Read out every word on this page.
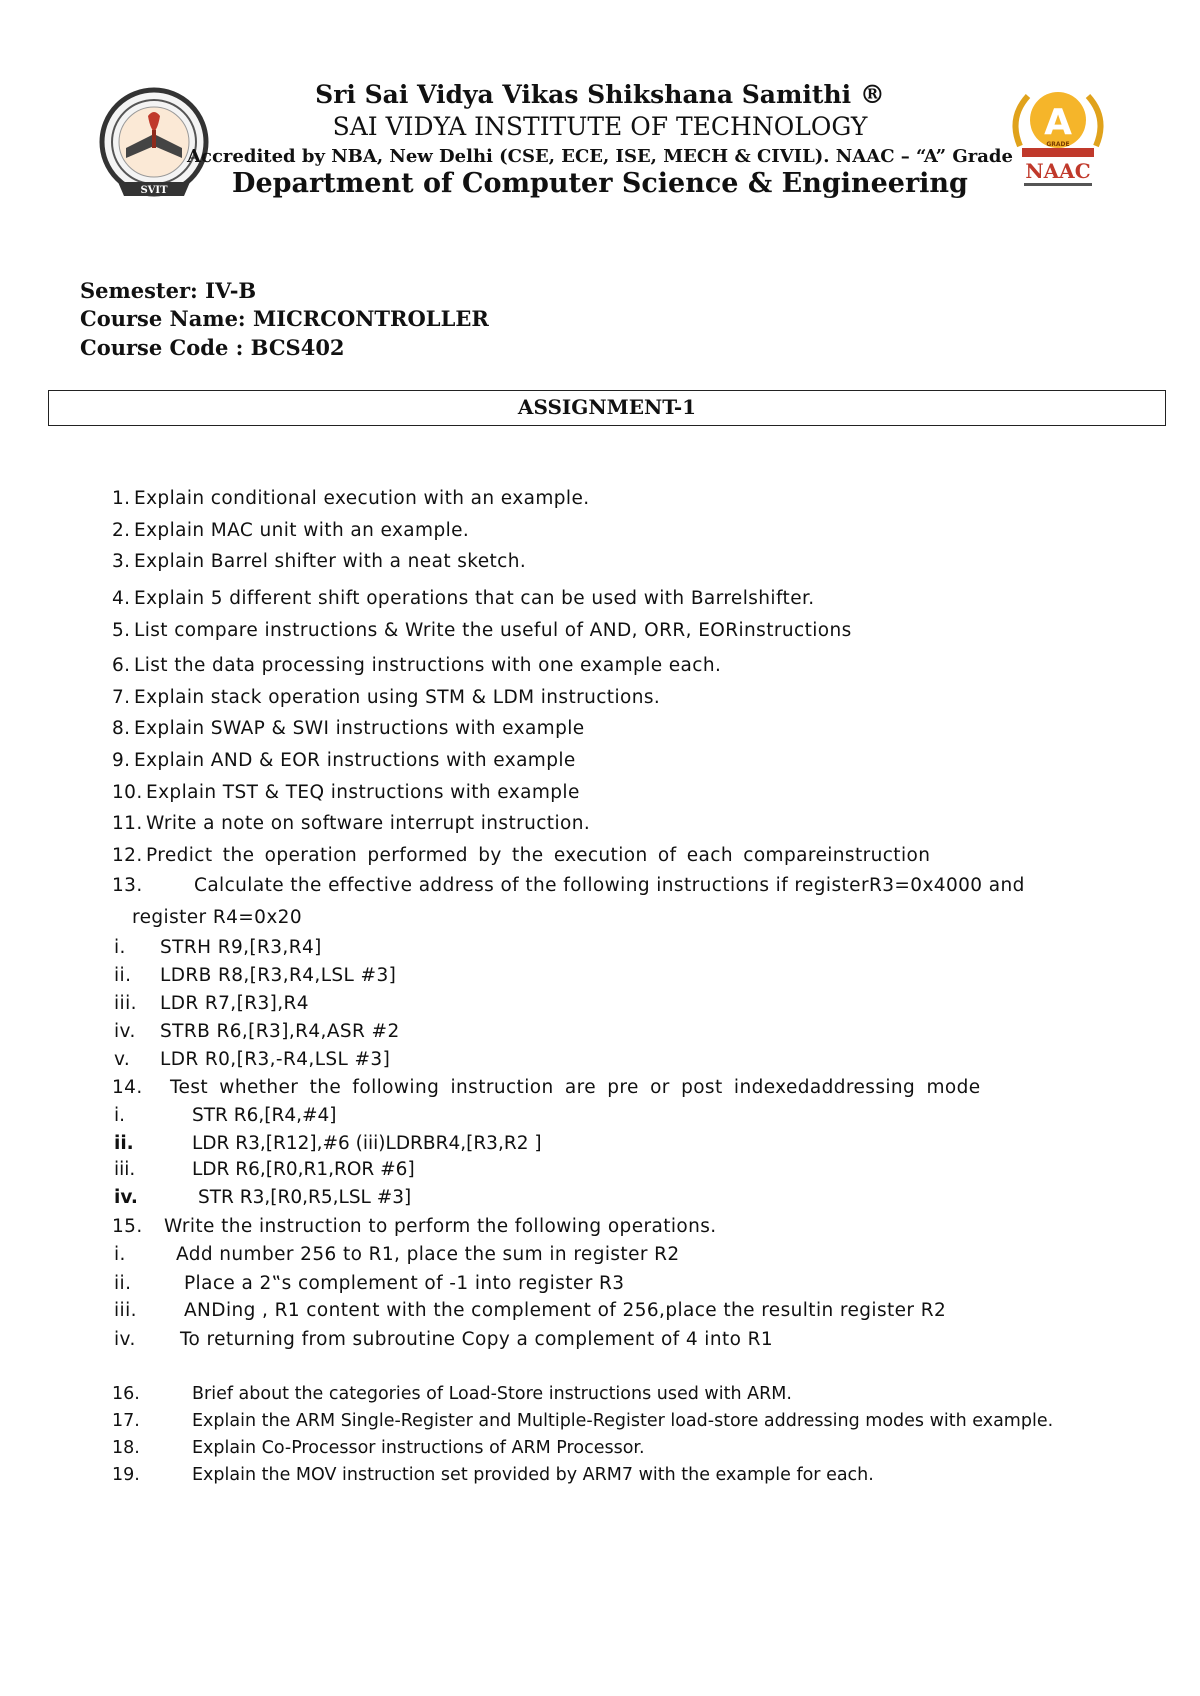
SVIT
A
GRADE
NAAC
Sri Sai Vidya Vikas Shikshana Samithi ®
SAI VIDYA INSTITUTE OF TECHNOLOGY
Accredited by NBA, New Delhi (CSE, ECE, ISE, MECH & CIVIL). NAAC – “A” Grade
Department of Computer Science & Engineering
Semester: IV-B
Course Name: MICRCONTROLLER
Course Code : BCS402
ASSIGNMENT-1
1. Explain conditional execution with an example.
2. Explain MAC unit with an example.
3. Explain Barrel shifter with a neat sketch.
4. Explain 5 different shift operations that can be used with Barrelshifter.
5. List compare instructions & Write the useful of AND, ORR, EORinstructions
6. List the data processing instructions with one example each.
7. Explain stack operation using STM & LDM instructions.
8. Explain SWAP & SWI instructions with example
9. Explain AND & EOR instructions with example
10. Explain TST & TEQ instructions with example
11. Write a note on software interrupt instruction.
12. Predict the operation performed by the execution of each compareinstruction
13.	Calculate the effective address of the following instructions if registerR3=0x4000 and
register R4=0x20
i. STRH R9,[R3,R4]
ii. LDRB R8,[R3,R4,LSL #3]
iii. LDR R7,[R3],R4
iv. STRB R6,[R3],R4,ASR #2
v. LDR R0,[R3,-R4,LSL #3]
14. Test whether the following instruction are pre or post indexedaddressing mode
i.	STR R6,[R4,#4]
ii.	LDR R3,[R12],#6 (iii)LDRBR4,[R3,R2 ]
iii.	LDR R6,[R0,R1,ROR #6]
iv.	STR R3,[R0,R5,LSL #3]
15. Write the instruction to perform the following operations.
i.	Add number 256 to R1, place the sum in register R2
ii.	Place a 2‟s complement of -1 into register R3
iii.	ANDing , R1 content with the complement of 256,place the resultin register R2
iv. To returning from subroutine Copy a complement of 4 into R1
16.	Brief about the categories of Load-Store instructions used with ARM.
17.	Explain the ARM Single-Register and Multiple-Register load-store addressing modes with example.
18.	Explain Co-Processor instructions of ARM Processor.
19.	Explain the MOV instruction set provided by ARM7 with the example for each.
